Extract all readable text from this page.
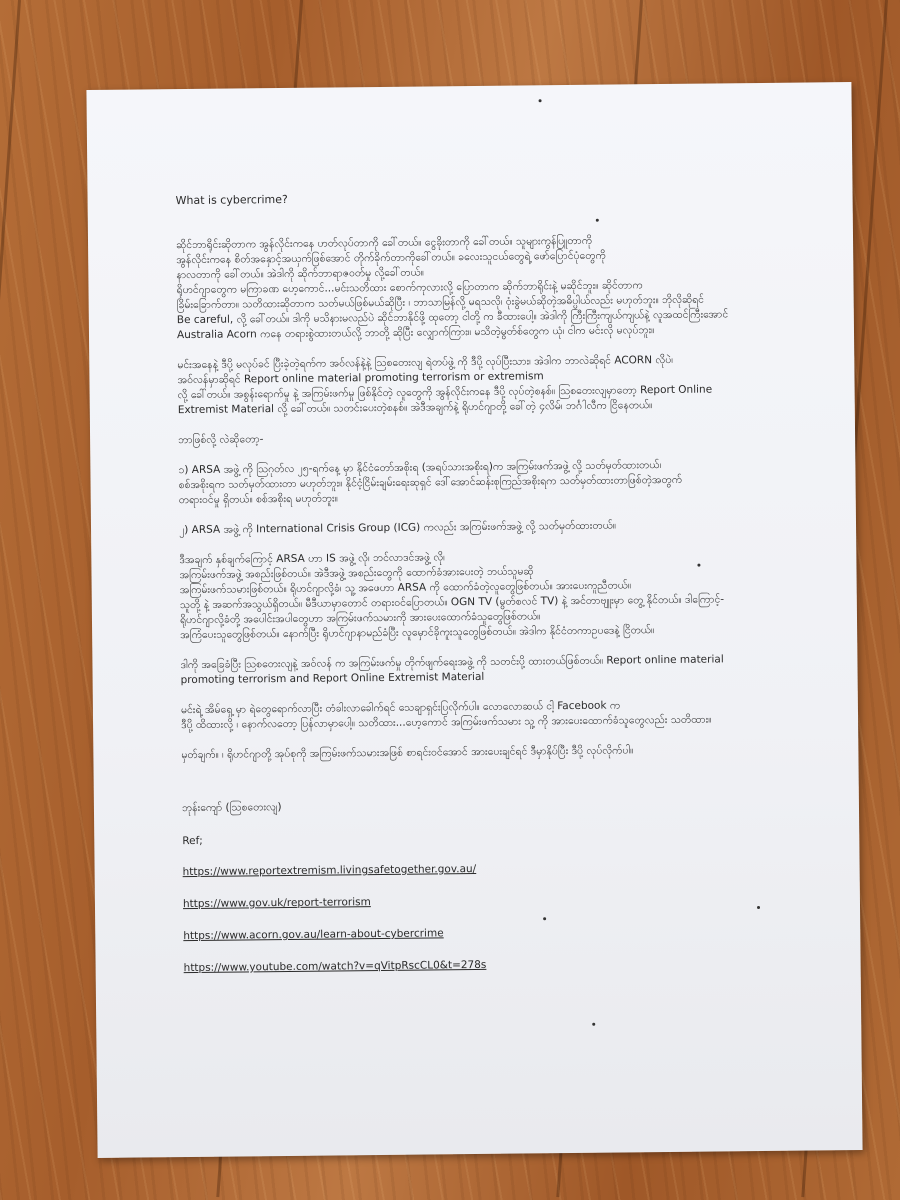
What is cybercrime?

ဆိုင်ဘာရိုင်းဆိုတာက အွန်လိုင်းကနေ ဟတ်လုပ်တာကို ခေါ်တယ်။ ငွေခိုးတာကို ခေါ်တယ်။ သူများကွန်ပြူတာကို
အွန်လိုင်းကနေ စိတ်အနှောင့်အယှက်ဖြစ်အောင် တိုက်ခိုက်တာကိုခေါ်တယ်။ ခလေးသူငယ်တွေရဲ့ ဖော်ပြောင်ပုံတွေကို
နာလတာကို ခေါ်တယ်။ အဲဒါကို ဆိုက်ဘာရာဇဝတ်မှု လို့ခေါ်တယ်။
ရိုဟင်ဂျာတွေက မကြာခဏ ဟေ့ကောင်...မင်းသတိထား စောက်ကုလားလို့ ပြောတာက ဆိုက်ဘာရိုင်းနဲ့ မဆိုင်ဘူး။ ဆိုင်တာက
ခြိမ်းခြောက်တာ။ သတိထားဆိုတာက သတ်မယ်ဖြစ်မယ်ဆိုပြီး ၊ ဘာသာမြန်လို့ မရသလို၊ ဝုံးခွဲမယ်ဆိုတဲ့အဓိပ္ပါယ်လည်း မဟုတ်ဘူး။ ဘိုလိုဆိုရင်
Be careful, လို့ ခေါ်တယ်။ ဒါကို မသိနားမလည်ပဲ ဆိုင်ဘာနိုင်ဖို့ ထုတော့ ငါတို့ က ခီထားပေါ့။ အဲဒါကို ကြီးကြီးကျယ်ကျယ်နဲ့ လူအထင်ကြီးအောင်
Australia Acorn ကနေ တရားစွဲထားတယ်လို့ ဘာတို့ ဆိုပြီး လျှောက်ကြား။ မသိတဲ့မွတ်စ်တွေက ယုံ၊ ငါက မင်းလို မလုပ်ဘူး။

မင်းအနေနဲ့ ဒီပို့ မလုပ်ခင် ပြီးခဲ့တဲ့ရက်က အဝ်လန်နဲ့နဲ့ ဩစတေးလျ ရဲတပ်ဖွဲ့ ကို ဒီပို့ လုပ်ပြီးသား၊ အဲဒါက ဘာလဲဆိုရင် ACORN လိုပဲ၊
အဝ်လန်မှာဆိုရင် Report online material promoting terrorism or extremism
လို့ ခေါ်တယ်။ အစွန်းရောက်မှု နဲ့ အကြမ်းဖက်မှု ဖြစ်နိုင်တဲ့ လူတွေကို အွန်လိုင်းကနေ ဒီပို့ လုပ်တဲ့စနစ်။ ဩစတေးလျမှာတော့ Report Online
Extremist Material လို့ ခေါ်တယ်။ သတင်းပေးတဲ့စနစ်။ အဲဒီအချက်နဲ့ ရိုဟင်ဂျာတို့ ခေါ်တဲ့ ၄လိမ်၊ ဘင်္ဂါလီက ငြိနေတယ်။

ဘာဖြစ်လို့ လဲဆိုတော့-

၁) ARSA အဖွဲ့ ကို ဩဂုတ်လ ၂၅-ရက်နေ့ မှာ နိုင်ငံတော်အစိုးရ (အရပ်သားအစိုးရ)က အကြမ်းဖက်အဖွဲ့ လို့ သတ်မှတ်ထားတယ်၊
စစ်အစိုးရက သတ်မှတ်ထားတာ မဟုတ်ဘူး။ နိုင်ငံ့ငြိမ်းချမ်းရေးဆုရှင် ဒေါ်အောင်ဆန်းစုကြည်အစိုးရက သတ်မှတ်ထားတာဖြစ်တဲ့အတွက်
တရားဝင်မှု ရှိတယ်။ စစ်အစိုးရ မဟုတ်ဘူး။

၂) ARSA အဖွဲ့ ကို International Crisis Group (ICG) ကလည်း အကြမ်းဖက်အဖွဲ့ လို့ သတ်မှတ်ထားတယ်။

ဒီအချက် နှစ်ချက်ကြောင့် ARSA ဟာ IS အဖွဲ့ လို၊ ဘင်လာဒင်အဖွဲ့ လို၊
အကြမ်းဖက်အဖွဲ့ အစည်းဖြစ်တယ်။ အဲဒီအဖွဲ့ အစည်းတွေကို ထောက်ခံအားပေးတဲ့ ဘယ်သူမဆို
အကြမ်းဖက်သမားဖြစ်တယ်။ ရိုဟင်ဂျာလို့ခံ၊ သူ့ အဖေဟာ ARSA ကို ထောက်ခံတဲ့လူတွေဖြစ်တယ်။ အားပေးကူညီတယ်။
သူတို့ နဲ့ အဆက်အသွယ်ရှိတယ်။ မီဒီယာမှာတောင် တရားဝင်ပြောတယ်။ OGN TV (မွတ်စလင် TV) နဲ့ အင်တာဗျူးမှာ တွေ့ နိုင်တယ်။ ဒါကြောင့်-
ရိုဟင်ဂျာလို့ခံတို့ အပေါင်းအပါတွေဟာ အကြမ်းဖက်သမားကို အားပေးထောက်ခံသူတွေဖြစ်တယ်။
အကြံပေးသူတွေဖြစ်တယ်။ နောက်ပြီး ရိုဟင်ဂျာနာမည်ခံပြီး လူမှောင်ခိုကူးသူတွေဖြစ်တယ်။ အဲဒါက နိုင်ငံတကာဥပဒေနဲ့ ငြိတယ်။

ဒါကို အခြေခံပြီး ဩစတေးလျနဲ့ အဝ်လန် က အကြမ်းဖက်မှု တိုက်ဖျက်ရေးအဖွဲ့ ကို သတင်းပို့ ထားတယ်ဖြစ်တယ်။ Report online material
promoting terrorism and Report Online Extremist Material

မင်းရဲ့ အိမ်ရှေ့ မှာ ရဲတွေရောက်လာပြီး တံခါးလာခေါက်ရင် သေချာရှင်းပြလိုက်ပါ။ လောလောဆယ် ငါ့ Facebook က
ဒီပို့ ထိထားလို့ ၊ နောက်လတော့ ပြန်လာမှာပေါ့။ သတိထား...ဟေ့ကောင် အကြမ်းဖက်သမား သူ့ ကို အားပေးထောက်ခံသူတွေလည်း သတိထား။

မှတ်ချက်။ ၊ ရိုဟင်ဂျာတို့ အုပ်စုကို အကြမ်းဖက်သမားအဖြစ် စာရင်းဝင်အောင် အားပေးချင်ရင် ဒီမှာနိုပ်ပြီး ဒီပို့ လုပ်လိုက်ပါ။

ဘုန်းကျော် (ဩစတေးလျ)
Ref;
https://www.reportextremism.livingsafetogether.gov.au/
https://www.gov.uk/report-terrorism
https://www.acorn.gov.au/learn-about-cybercrime
https://www.youtube.com/watch?v=qVitpRscCL0&t=278s
